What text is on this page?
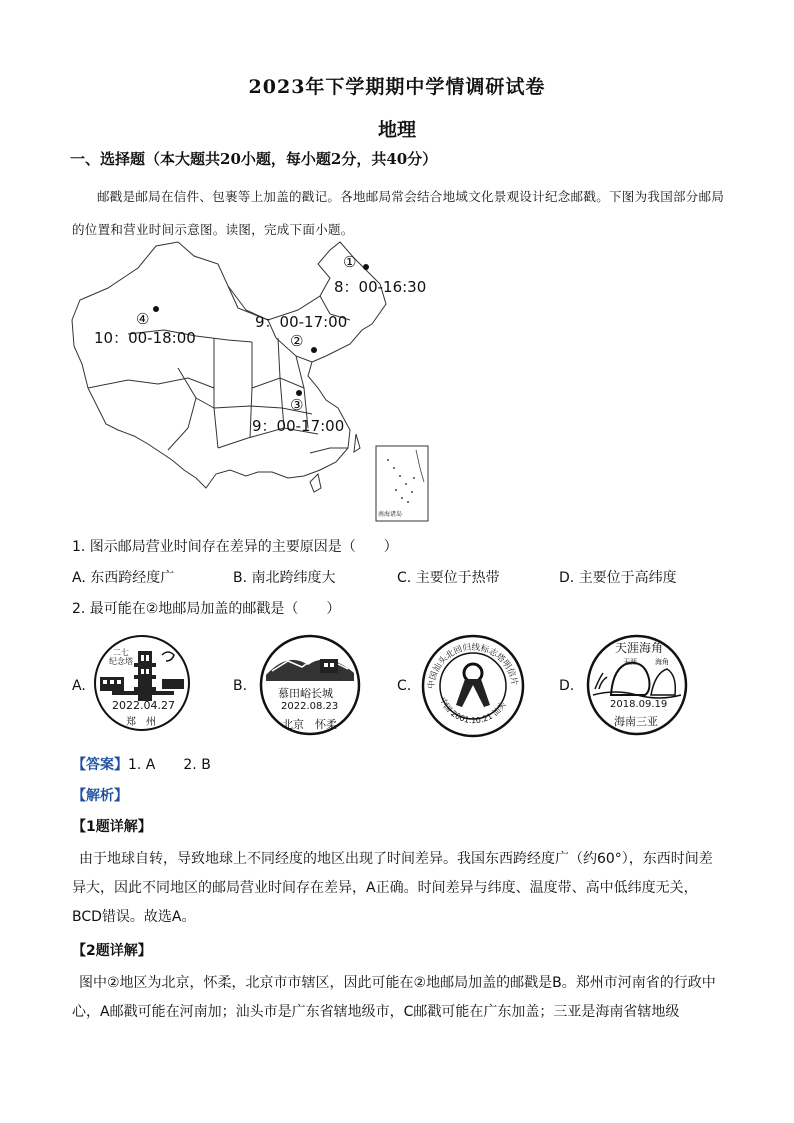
2023年下学期期中学情调研试卷
地理
一、选择题（本大题共20小题，每小题2分，共40分）
邮戳是邮局在信件、包裹等上加盖的戳记。各地邮局常会结合地域文化景观设计纪念邮戳。下图为我国部分邮局的位置和营业时间示意图。读图，完成下面小题。
①
8：00-16:30
②
9：00-17:00
③
9：00-17:00
④
10：00-18:00
南海诸岛
1. 图示邮局营业时间存在差异的主要原因是（　　）
A. 东西跨经度广	B. 南北跨纬度大	C. 主要位于热带	D. 主要位于高纬度
2. 最可能在②地邮局加盖的邮戳是（　　）
A.
二七
纪念塔
2022.04.27
郑　州
B.	慕田峪长城
2022.08.23
北京　怀柔
C.	中国汕头北回归线标志塔明信片
中国 2001.10.21 汕头
D.
天涯海角
天涯	海角
2018.09.19
海南三亚
【答案】1. A　　2. B
【解析】
【1题详解】
由于地球自转，导致地球上不同经度的地区出现了时间差异。我国东西跨经度广（约60°），东西时间差异大，因此不同地区的邮局营业时间存在差异，A正确。时间差异与纬度、温度带、高中低纬度无关，BCD错误。故选A。
【2题详解】
图中②地区为北京，怀柔，北京市市辖区，因此可能在②地邮局加盖的邮戳是B。郑州市河南省的行政中心，A邮戳可能在河南加；汕头市是广东省辖地级市，C邮戳可能在广东加盖；三亚是海南省辖地级
